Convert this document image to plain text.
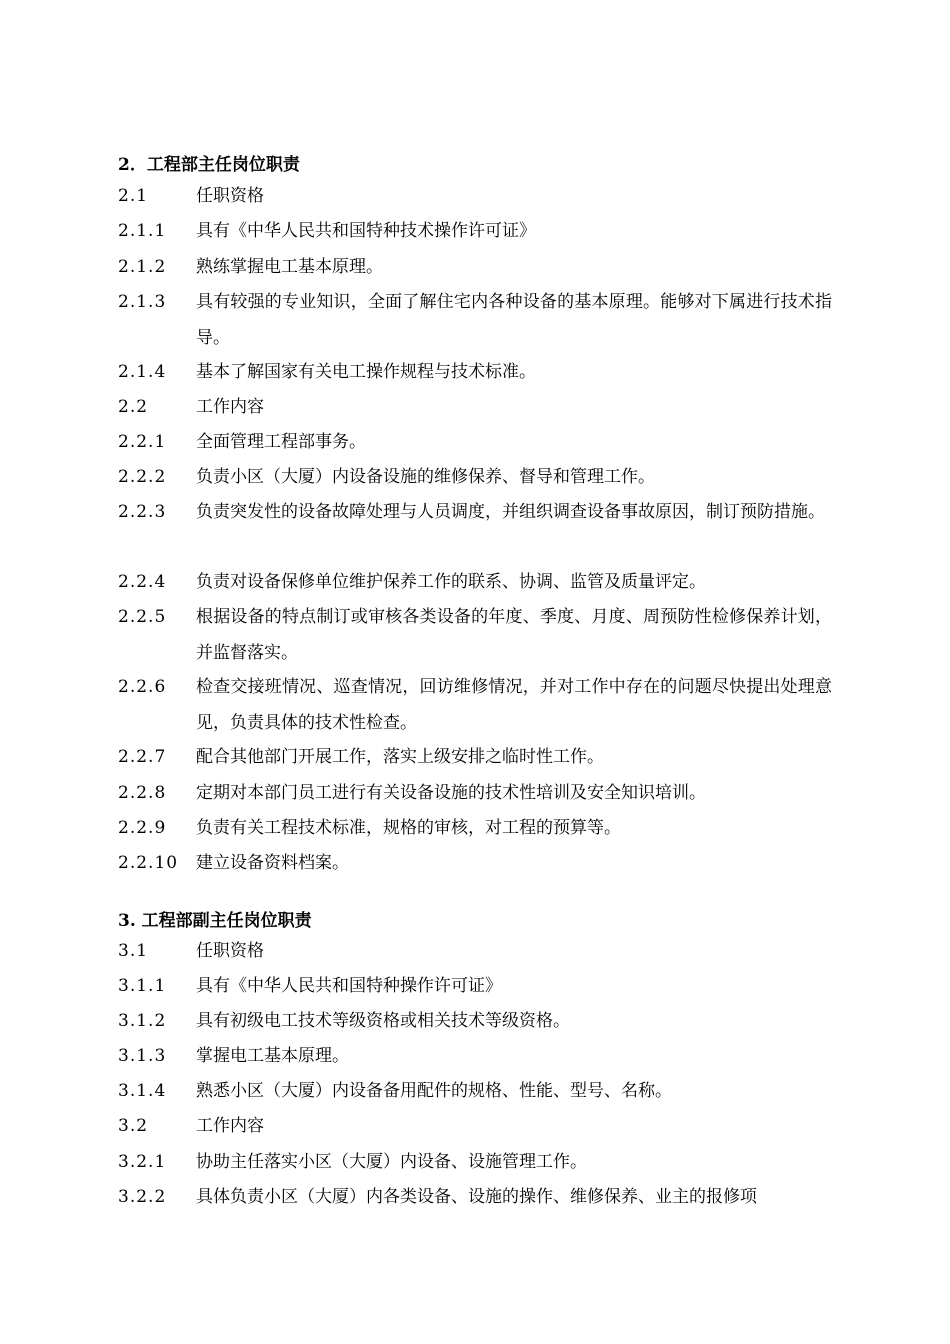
2．工程部主任岗位职责
2.1	任职资格
2.1.1	具有《中华人民共和国特种技术操作许可证》
2.1.2	熟练掌握电工基本原理。
2.1.3	具有较强的专业知识，全面了解住宅内各种设备的基本原理。能够对下属进行技术指导。
2.1.4	基本了解国家有关电工操作规程与技术标准。
2.2	工作内容
2.2.1	全面管理工程部事务。
2.2.2	负责小区（大厦）内设备设施的维修保养、督导和管理工作。
2.2.3	负责突发性的设备故障处理与人员调度，并组织调查设备事故原因，制订预防措施。
2.2.4	负责对设备保修单位维护保养工作的联系、协调、监管及质量评定。
2.2.5	根据设备的特点制订或审核各类设备的年度、季度、月度、周预防性检修保养计划，并监督落实。
2.2.6	检查交接班情况、巡查情况，回访维修情况，并对工作中存在的问题尽快提出处理意见，负责具体的技术性检查。
2.2.7	配合其他部门开展工作，落实上级安排之临时性工作。
2.2.8	定期对本部门员工进行有关设备设施的技术性培训及安全知识培训。
2.2.9	负责有关工程技术标准，规格的审核，对工程的预算等。
2.2.10	建立设备资料档案。
3. 工程部副主任岗位职责
3.1	任职资格
3.1.1	具有《中华人民共和国特种操作许可证》
3.1.2	具有初级电工技术等级资格或相关技术等级资格。
3.1.3	掌握电工基本原理。
3.1.4	熟悉小区（大厦）内设备备用配件的规格、性能、型号、名称。
3.2	工作内容
3.2.1	协助主任落实小区（大厦）内设备、设施管理工作。
3.2.2	具体负责小区（大厦）内各类设备、设施的操作、维修保养、业主的报修项
